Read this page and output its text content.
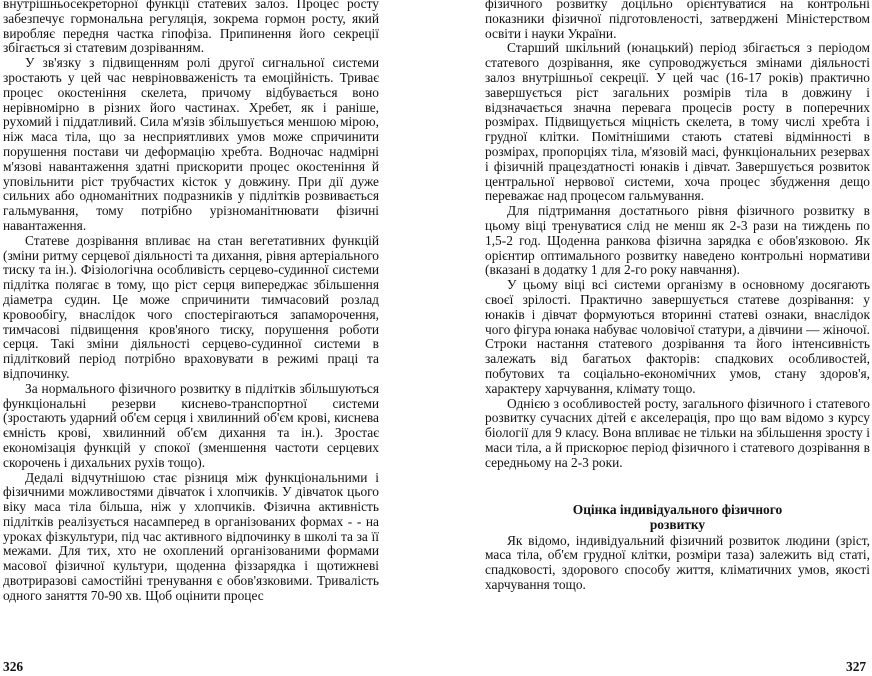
внутрішньосекреторної функції статевих залоз. Процес росту забезпечує гормональна регуляція, зокрема гормон росту, який виробляє передня частка гіпофіза. Припинення його секреції збігається зі статевим дозріванням.

У зв'язку з підвищенням ролі другої сигнальної системи зростають у цей час невріновваженість та емоційність. Триває процес окостеніння скелета, причому відбувається воно нерівномірно в різних його частинах. Хребет, як і раніше, рухомий і піддатливий. Сила м'язів збільшується меншою мірою, ніж маса тіла, що за несприятливих умов може спричинити порушення постави чи деформацію хребта. Водночас надмірні м'язові навантаження здатні прискорити процес окостеніння й уповільнити ріст трубчастих кісток у довжину. При дії дуже сильних або одноманітних подразників у підлітків розвивається гальмування, тому потрібно урізноманітнювати фізичні навантаження.

Статеве дозрівання впливає на стан вегетативних функцій (зміни ритму серцевої діяльності та дихання, рівня артеріального тиску та ін.). Фізіологічна особливість серцево-судинної системи підлітка полягає в тому, що ріст серця випереджає збільшення діаметра судин. Це може спричинити тимчасовий розлад кровообігу, внаслідок чого спостерігаються запаморочення, тимчасові підвищення кров'яного тиску, порушення роботи серця. Такі зміни діяльності серцево-судинної системи в підлітковий період потрібно враховувати в режимі праці та відпочинку.

За нормального фізичного розвитку в підлітків збільшуються функціональні резерви киснево-транспортної системи (зростають ударний об'єм серця і хвилинний об'єм крові, киснева ємність крові, хвилинний об'єм дихання та ін.). Зростає економізація функцій у спокої (зменшення частоти серцевих скорочень і дихальних рухів тощо).

Дедалі відчутнішою стає різниця між функціональними і фізичними можливостями дівчаток і хлопчиків. У дівчаток цього віку маса тіла більша, ніж у хлопчиків. Фізична активність підлітків реалізується насамперед в організованих формах - - на уроках фізкультури, під час активного відпочинку в школі та за її межами. Для тих, хто не охоплений організованими формами масової фізичної культури, щоденна фіззарядка і щотижневі двотриразові самостійні тренування є обов'язковими. Тривалість одного заняття 70-90 хв. Щоб оцінити процес

326

фізичного розвитку доцільно орієнтуватися на контрольні показники фізичної підготовленості, затверджені Міністерством освіти і науки України.

Старший шкільний (юнацький) період збігається з періодом статевого дозрівання, яке супроводжується змінами діяльності залоз внутрішньої секреції. У цей час (16-17 років) практично завершується ріст загальних розмірів тіла в довжину і відзначається значна перевага процесів росту в поперечних розмірах. Підвищується міцність скелета, в тому числі хребта і грудної клітки. Помітнішими стають статеві відмінності в розмірах, пропорціях тіла, м'язовій масі, функціональних резервах і фізичній працездатності юнаків і дівчат. Завершується розвиток центральної нервової системи, хоча процес збудження дещо переважає над процесом гальмування.

Для підтримання достатнього рівня фізичного розвитку в цьому віці тренуватися слід не менш як 2-3 рази на тиждень по 1,5-2 год. Щоденна ранкова фізична зарядка є обов'язковою. Як орієнтир оптимального розвитку наведено контрольні нормативи (вказані в додатку 1 для 2-го року навчання).

У цьому віці всі системи організму в основному досягають своєї зрілості. Практично завершується статеве дозрівання: у юнаків і дівчат формуються вторинні статеві ознаки, внаслідок чого фігура юнака набуває чоловічої статури, а дівчини — жіночої. Строки настання статевого дозрівання та його інтенсивність залежать від багатьох факторів: спадкових особливостей, побутових та соціально-економічних умов, стану здоров'я, характеру харчування, клімату тощо.

Однією з особливостей росту, загального фізичного і статевого розвитку сучасних дітей є акселерація, про що вам відомо з курсу біології для 9 класу. Вона впливає не тільки на збільшення зросту і маси тіла, а й прискорює період фізичного і статевого дозрівання в середньому на 2-3 роки.

Оцінка індивідуального фізичного
розвитку

Як відомо, індивідуальний фізичний розвиток людини (зріст, маса тіла, об'єм грудної клітки, розміри таза) залежить від статі, спадковості, здорового способу життя, кліматичних умов, якості харчування тощо.

327
